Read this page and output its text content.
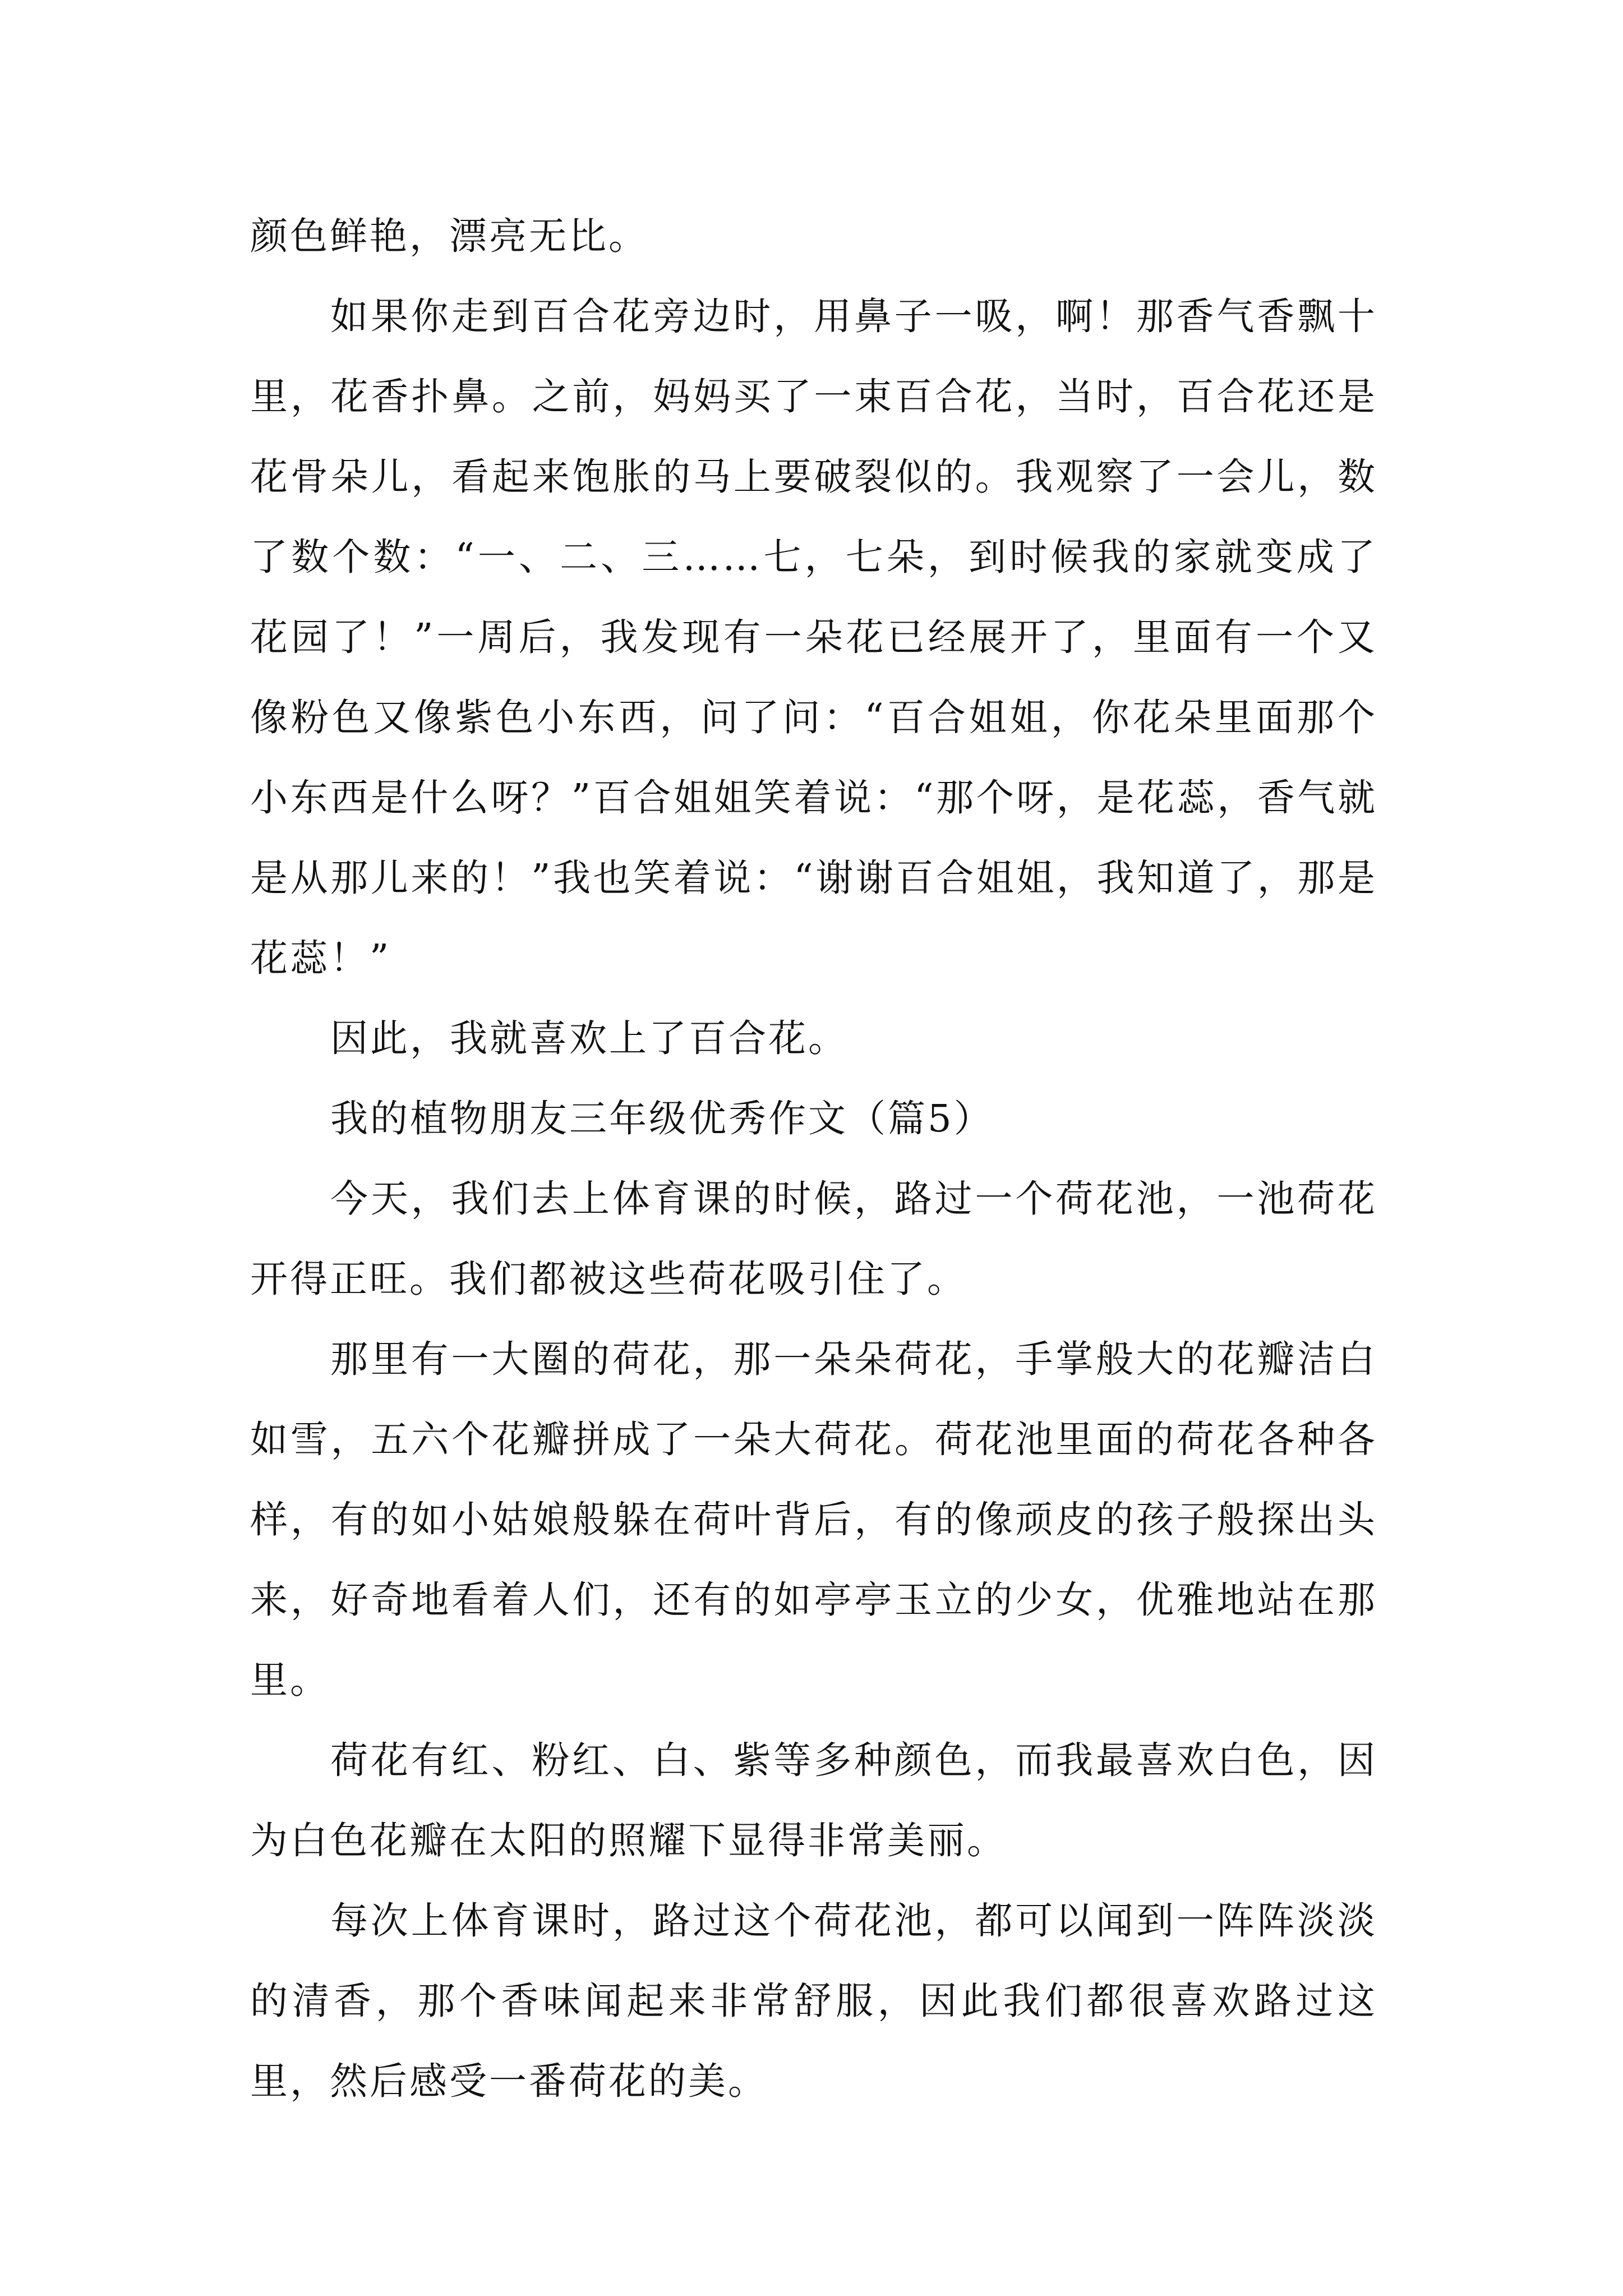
颜色鲜艳，漂亮无比。

如果你走到百合花旁边时，用鼻子一吸，啊！那香气香飘十里，花香扑鼻。之前，妈妈买了一束百合花，当时，百合花还是花骨朵儿，看起来饱胀的马上要破裂似的。我观察了一会儿，数了数个数：“一、二、三……七，七朵，到时候我的家就变成了花园了！”一周后，我发现有一朵花已经展开了，里面有一个又像粉色又像紫色小东西，问了问：“百合姐姐，你花朵里面那个小东西是什么呀？”百合姐姐笑着说：“那个呀，是花蕊，香气就是从那儿来的！”我也笑着说：“谢谢百合姐姐，我知道了，那是花蕊！”

因此，我就喜欢上了百合花。

我的植物朋友三年级优秀作文（篇5）

今天，我们去上体育课的时候，路过一个荷花池，一池荷花开得正旺。我们都被这些荷花吸引住了。

那里有一大圈的荷花，那一朵朵荷花，手掌般大的花瓣洁白如雪，五六个花瓣拼成了一朵大荷花。荷花池里面的荷花各种各样，有的如小姑娘般躲在荷叶背后，有的像顽皮的孩子般探出头来，好奇地看着人们，还有的如亭亭玉立的少女，优雅地站在那里。

荷花有红、粉红、白、紫等多种颜色，而我最喜欢白色，因为白色花瓣在太阳的照耀下显得非常美丽。

每次上体育课时，路过这个荷花池，都可以闻到一阵阵淡淡的清香，那个香味闻起来非常舒服，因此我们都很喜欢路过这里，然后感受一番荷花的美。
